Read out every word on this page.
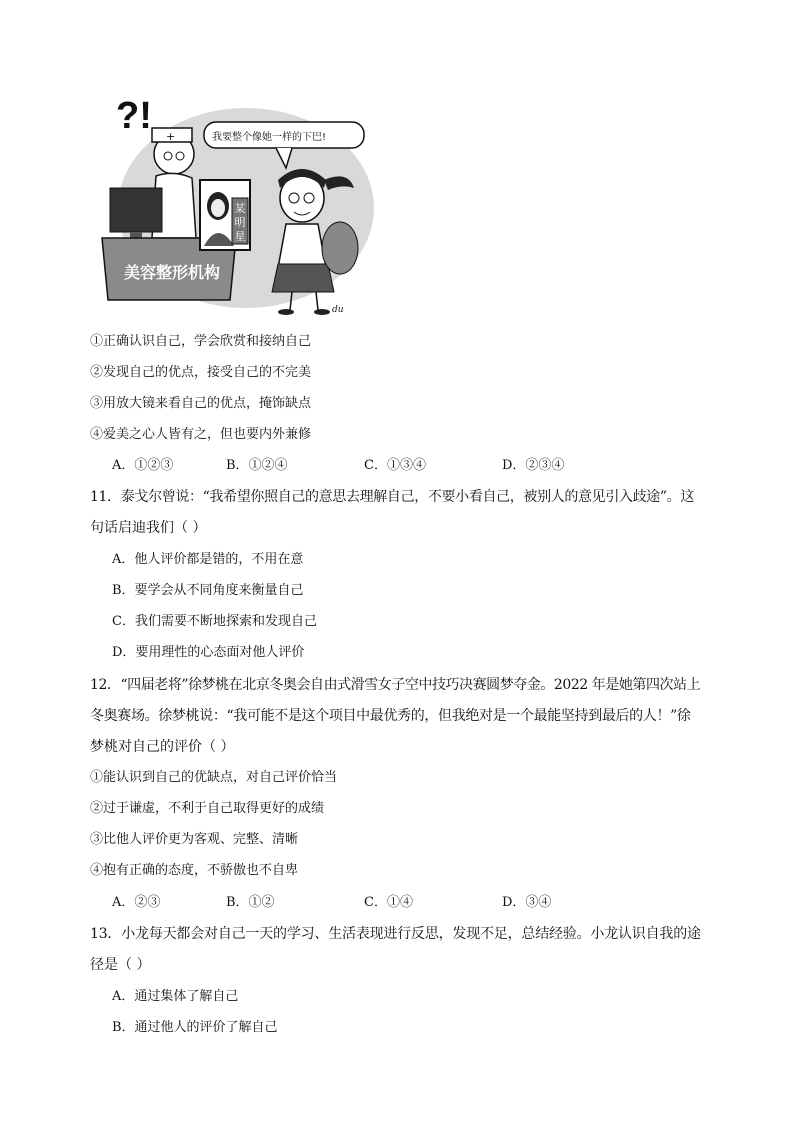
?!
我要整个像她一样的下巴!
+
美容整形机构
某明星
du
①正确认识自己，学会欣赏和接纳自己
②发现自己的优点，接受自己的不完美
③用放大镜来看自己的优点，掩饰缺点
④爱美之心人皆有之，但也要内外兼修
A．①②③	B．①②④	C．①③④	D．②③④
11．泰戈尔曾说：“我希望你照自己的意思去理解自己，不要小看自己，被别人的意见引入歧途”。这
句话启迪我们（ ）
A．他人评价都是错的，不用在意
B．要学会从不同角度来衡量自己
C．我们需要不断地探索和发现自己
D．要用理性的心态面对他人评价
12．“四届老将”徐梦桃在北京冬奥会自由式滑雪女子空中技巧决赛圆梦夺金。2022 年是她第四次站上
冬奥赛场。徐梦桃说：“我可能不是这个项目中最优秀的，但我绝对是一个最能坚持到最后的人！”徐
梦桃对自己的评价（ ）
①能认识到自己的优缺点，对自己评价恰当
②过于谦虚，不利于自己取得更好的成绩
③比他人评价更为客观、完整、清晰
④抱有正确的态度，不骄傲也不自卑
A．②③	B．①②	C．①④	D．③④
13．小龙每天都会对自己一天的学习、生活表现进行反思，发现不足，总结经验。小龙认识自我的途
径是（ ）
A．通过集体了解自己
B．通过他人的评价了解自己
